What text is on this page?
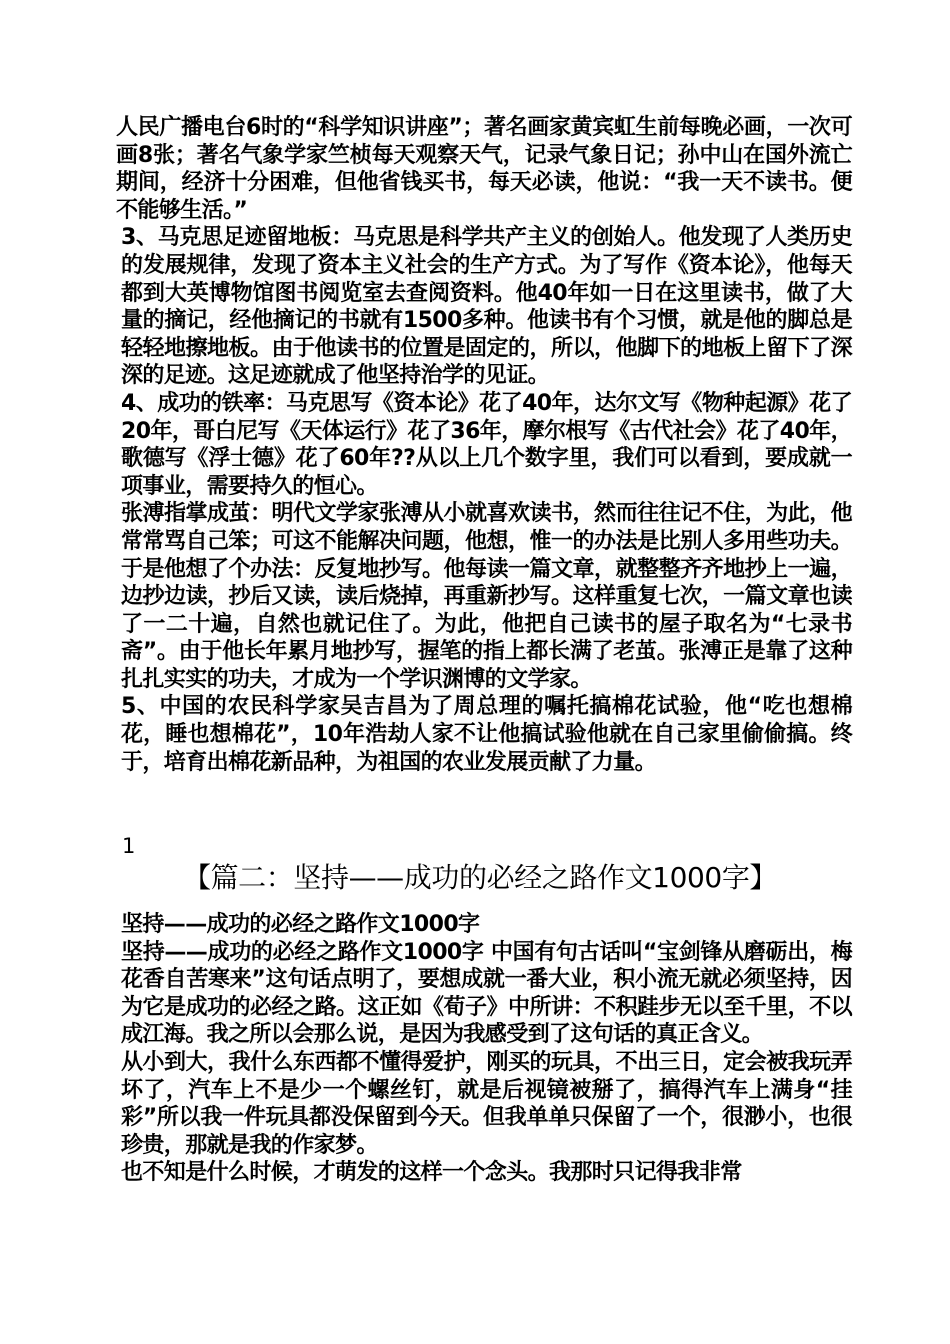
人民广播电台6时的“科学知识讲座”；著名画家黄宾虹生前每晚必画，一次可画8张；著名气象学家竺桢每天观察天气，记录气象日记；孙中山在国外流亡期间，经济十分困难，但他省钱买书，每天必读，他说：“我一天不读书。便不能够生活。”

3、马克思足迹留地板：马克思是科学共产主义的创始人。他发现了人类历史的发展规律，发现了资本主义社会的生产方式。为了写作《资本论》，他每天都到大英博物馆图书阅览室去查阅资料。他40年如一日在这里读书，做了大量的摘记，经他摘记的书就有1500多种。他读书有个习惯，就是他的脚总是轻轻地擦地板。由于他读书的位置是固定的，所以，他脚下的地板上留下了深深的足迹。这足迹就成了他坚持治学的见证。

4、成功的铁率：马克思写《资本论》花了40年，达尔文写《物种起源》花了20年，哥白尼写《天体运行》花了36年，摩尔根写《古代社会》花了40年，歌德写《浮士德》花了60年??从以上几个数字里，我们可以看到，要成就一项事业，需要持久的恒心。

张溥指掌成茧：明代文学家张溥从小就喜欢读书，然而往往记不住，为此，他常常骂自己笨；可这不能解决问题，他想，惟一的办法是比别人多用些功夫。于是他想了个办法：反复地抄写。他每读一篇文章，就整整齐齐地抄上一遍，边抄边读，抄后又读，读后烧掉，再重新抄写。这样重复七次，一篇文章也读了一二十遍，自然也就记住了。为此，他把自己读书的屋子取名为“七录书斋”。由于他长年累月地抄写，握笔的指上都长满了老茧。张溥正是靠了这种扎扎实实的功夫，才成为一个学识渊博的文学家。

5、中国的农民科学家吴吉昌为了周总理的嘱托搞棉花试验，他“吃也想棉花，睡也想棉花”，10年浩劫人家不让他搞试验他就在自己家里偷偷搞。终于，培育出棉花新品种，为祖国的农业发展贡献了力量。

1
【篇二：坚持——成功的必经之路作文1000字】

坚持——成功的必经之路作文1000字

坚持——成功的必经之路作文1000字 中国有句古话叫“宝剑锋从磨砺出，梅花香自苦寒来”这句话点明了，要想成就一番大业，积小流无就必须坚持，因为它是成功的必经之路。这正如《荀子》中所讲：不积跬步无以至千里，不以成江海。我之所以会那么说，是因为我感受到了这句话的真正含义。

从小到大，我什么东西都不懂得爱护，刚买的玩具，不出三日，定会被我玩弄坏了，汽车上不是少一个螺丝钉，就是后视镜被掰了，搞得汽车上满身“挂彩”所以我一件玩具都没保留到今天。但我单单只保留了一个，很渺小，也很珍贵，那就是我的作家梦。

也不知是什么时候，才萌发的这样一个念头。我那时只记得我非常
